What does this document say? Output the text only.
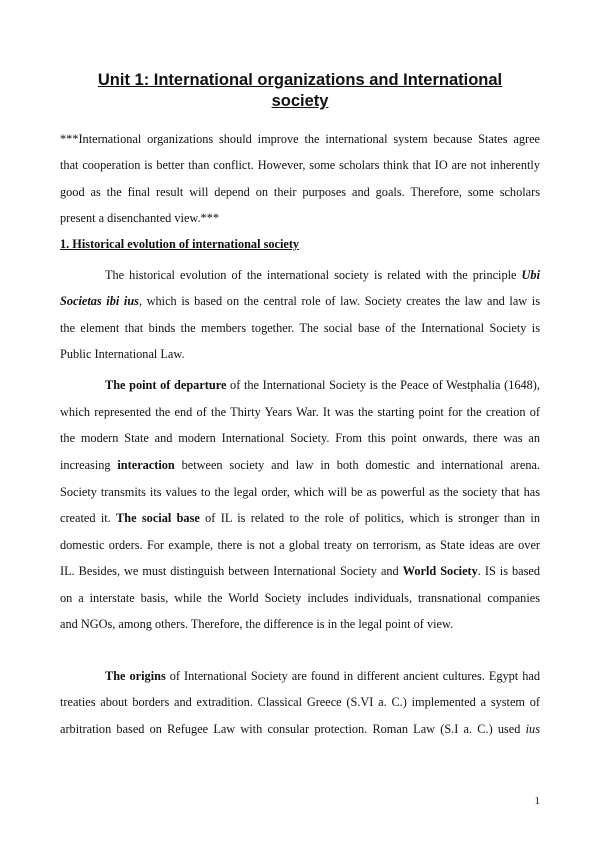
Unit 1: International organizations and International
society
***International organizations should improve the international system because States agree
that cooperation is better than conflict. However, some scholars think that IO are not inherently
good as the final result will depend on their purposes and goals. Therefore, some scholars
present a disenchanted view.***
1. Historical evolution of international society
The historical evolution of the international society is related with the principle Ubi
Societas ibi ius, which is based on the central role of law. Society creates the law and law is
the element that binds the members together. The social base of the International Society is
Public International Law.
The point of departure of the International Society is the Peace of Westphalia (1648),
which represented the end of the Thirty Years War. It was the starting point for the creation of
the modern State and modern International Society. From this point onwards, there was an
increasing interaction between society and law in both domestic and international arena.
Society transmits its values to the legal order, which will be as powerful as the society that has
created it. The social base of IL is related to the role of politics, which is stronger than in
domestic orders. For example, there is not a global treaty on terrorism, as State ideas are over
IL. Besides, we must distinguish between International Society and World Society. IS is based
on a interstate basis, while the World Society includes individuals, transnational companies
and NGOs, among others. Therefore, the difference is in the legal point of view.
The origins of International Society are found in different ancient cultures. Egypt had
treaties about borders and extradition. Classical Greece (S.VI a. C.) implemented a system of
arbitration based on Refugee Law with consular protection. Roman Law (S.I a. C.) used ius
1
